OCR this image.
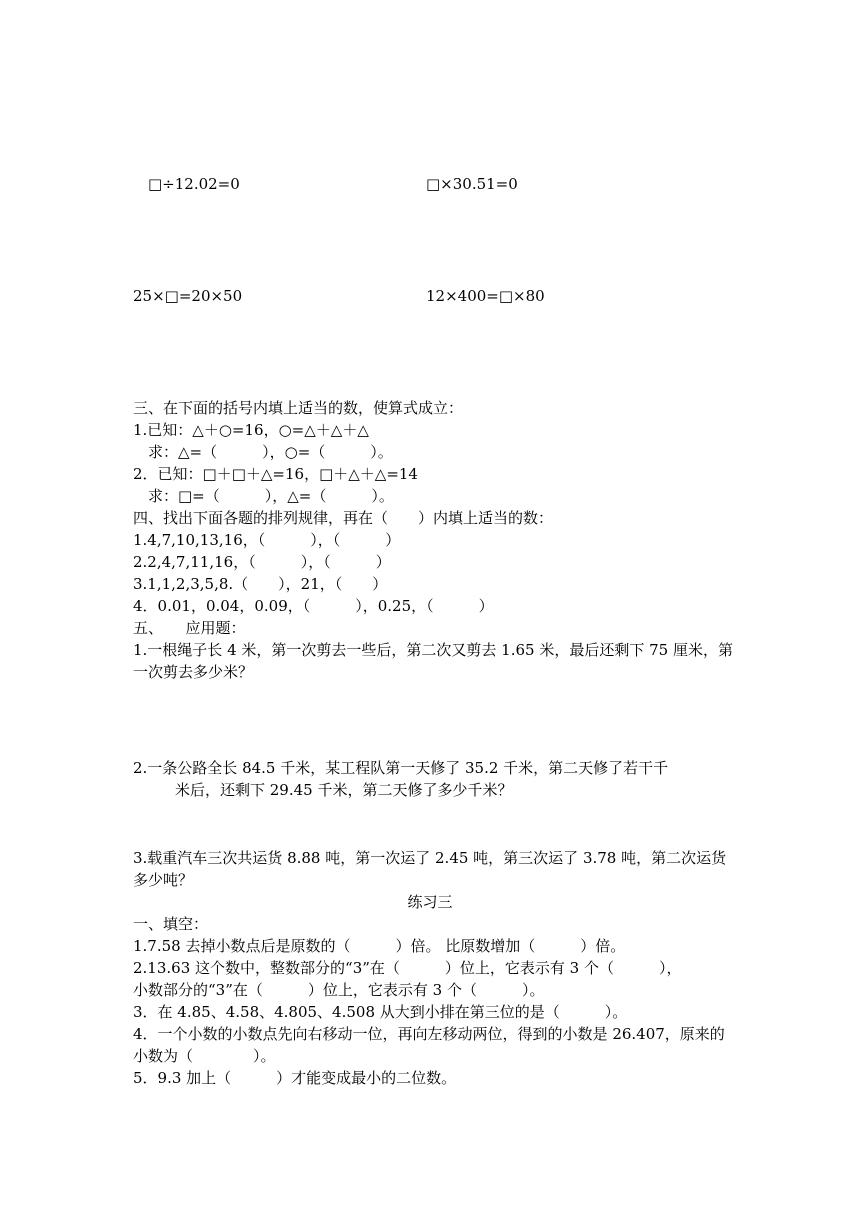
□÷12.02=0	□×30.51=0
25×□=20×50	12×400=□×80
三、在下面的括号内填上适当的数，使算式成立：
1.已知：△＋○=16，○=△＋△＋△
求：△=（　　　），○=（　　　）。
2．已知：□＋□＋△=16，□＋△＋△=14
求：□=（　　　），△=（　　　）。
四、找出下面各题的排列规律，再在（　　）内填上适当的数：
1.4,7,10,13,16，（　　　），（　　　）
2.2,4,7,11,16，（　　　），（　　　）
3.1,1,2,3,5,8.（　　），21，（　　）
4．0.01，0.04，0.09，（　　　），0.25，（　　　）
五、　　应用题：
1.一根绳子长 4 米，第一次剪去一些后，第二次又剪去 1.65 米，最后还剩下 75 厘米，第一次剪去多少米？
2.一条公路全长 84.5 千米，某工程队第一天修了 35.2 千米，第二天修了若干千
米后，还剩下 29.45 千米，第二天修了多少千米？
3.载重汽车三次共运货 8.88 吨，第一次运了 2.45 吨，第三次运了 3.78 吨，第二次运货多少吨？
练习三
一、填空：
1.7.58 去掉小数点后是原数的（　　　）倍。 比原数增加（　　　）倍。
2.13.63 这个数中，整数部分的“3”在（　　　）位上，它表示有 3 个（　　　），
小数部分的“3”在（　　　）位上，它表示有 3 个（　　　）。
3．在 4.85、4.58、4.805、4.508 从大到小排在第三位的是（　　　）。
4．一个小数的小数点先向右移动一位，再向左移动两位，得到的小数是 26.407，原来的小数为（　　　　）。
5．9.3 加上（　　　）才能变成最小的二位数。
